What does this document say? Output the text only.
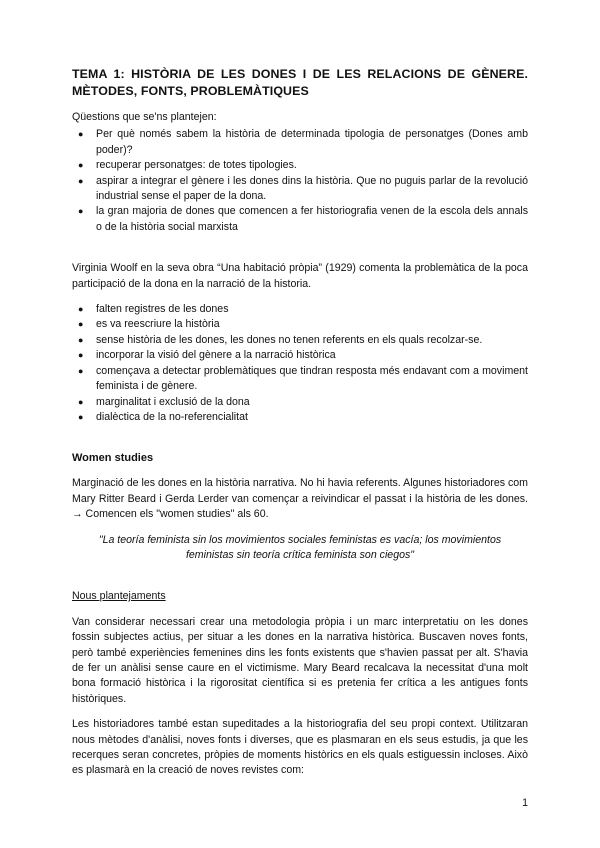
TEMA 1: HISTÒRIA DE LES DONES I DE LES RELACIONS DE GÈNERE. MÈTODES, FONTS, PROBLEMÀTIQUES

Qüestions que se'ns plantejen:

● Per què només sabem la història de determinada tipologia de personatges (Dones amb poder)?
● recuperar personatges: de totes tipologies.
● aspirar a integrar el gènere i les dones dins la història. Que no puguis parlar de la revolució industrial sense el paper de la dona.
● la gran majoria de dones que comencen a fer historiografia venen de la escola dels annals o de la història social marxista

Virginia Woolf en la seva obra “Una habitació pròpia” (1929) comenta la problemàtica de la poca participació de la dona en la narració de la historia.

● falten registres de les dones
● es va reescriure la història
● sense història de les dones, les dones no tenen referents en els quals recolzar-se.
● incorporar la visió del gènere a la narració històrica
● començava a detectar problemàtiques que tindran resposta més endavant com a moviment feminista i de gènere.
● marginalitat i exclusió de la dona
● dialèctica de la no-referencialitat
Women studies

Marginació de les dones en la història narrativa. No hi havia referents. Algunes historiadores com Mary Ritter Beard i Gerda Lerder van començar a reivindicar el passat i la història de les dones. → Comencen els "women studies" als 60.

"La teoría feminista sin los movimientos sociales feministas es vacía; los movimientos feministas sin teoría crítica feminista son ciegos"

Nous plantejaments

Van considerar necessari crear una metodologia pròpia i un marc interpretatiu on les dones fossin subjectes actius, per situar a les dones en la narrativa històrica. Buscaven noves fonts, però també experiències femenines dins les fonts existents que s'havien passat per alt. S'havia de fer un anàlisi sense caure en el victimisme. Mary Beard recalcava la necessitat d'una molt bona formació històrica i la rigorositat científica si es pretenia fer crítica a les antigues fonts històriques.

Les historiadores també estan supeditades a la historiografia del seu propi context. Utilitzaran nous mètodes d'anàlisi, noves fonts i diverses, que es plasmaran en els seus estudis, ja que les recerques seran concretes, pròpies de moments històrics en els quals estiguessin incloses. Això es plasmarà en la creació de noves revistes com:

1
